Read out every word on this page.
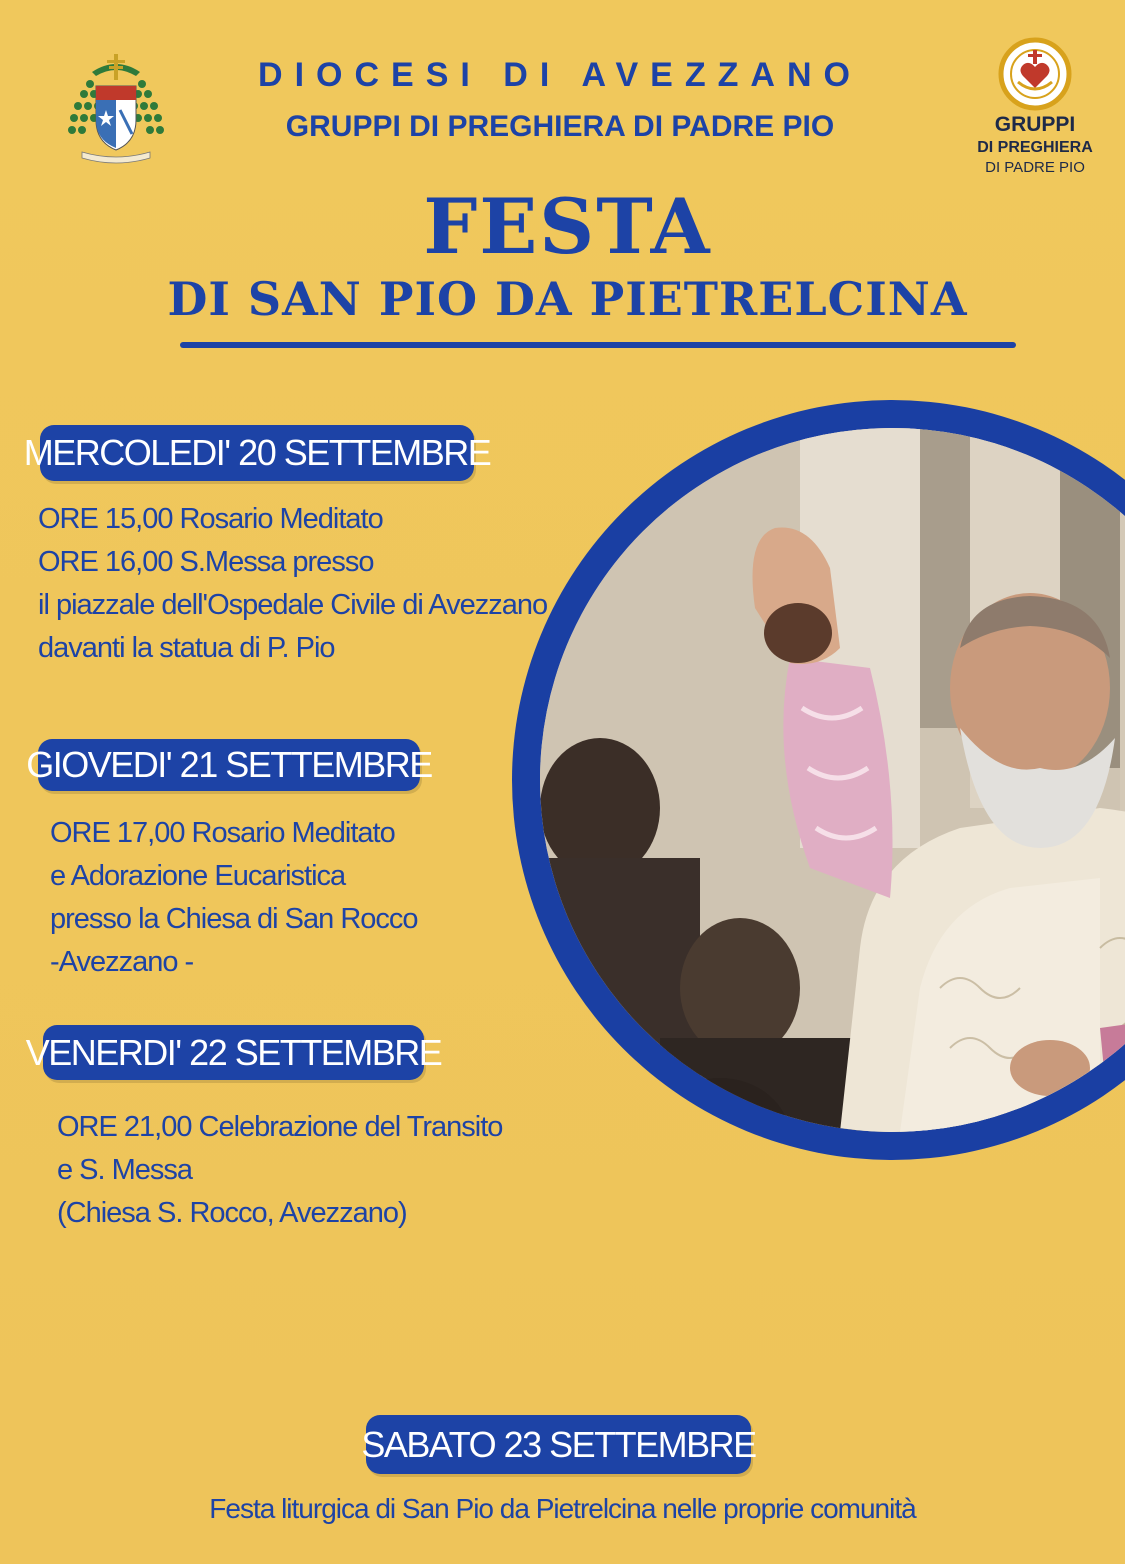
DIOCESI DI AVEZZANO
GRUPPI DI PREGHIERA DI PADRE PIO	GRUPPI
DI PREGHIERA
DI PADRE PIO
FESTA
DI SAN PIO DA PIETRELCINA
MERCOLEDI' 20 SETTEMBRE
ORE 15,00 Rosario Meditato
ORE 16,00 S.Messa presso
il piazzale dell'Ospedale Civile di Avezzano
davanti la statua di P. Pio
GIOVEDI' 21 SETTEMBRE
ORE 17,00 Rosario Meditato
e Adorazione Eucaristica
presso la Chiesa di San Rocco
-Avezzano -
VENERDI' 22 SETTEMBRE
ORE 21,00 Celebrazione del Transito
e S. Messa
(Chiesa S. Rocco, Avezzano)
SABATO 23 SETTEMBRE
Festa liturgica di San Pio da Pietrelcina nelle proprie comunità
